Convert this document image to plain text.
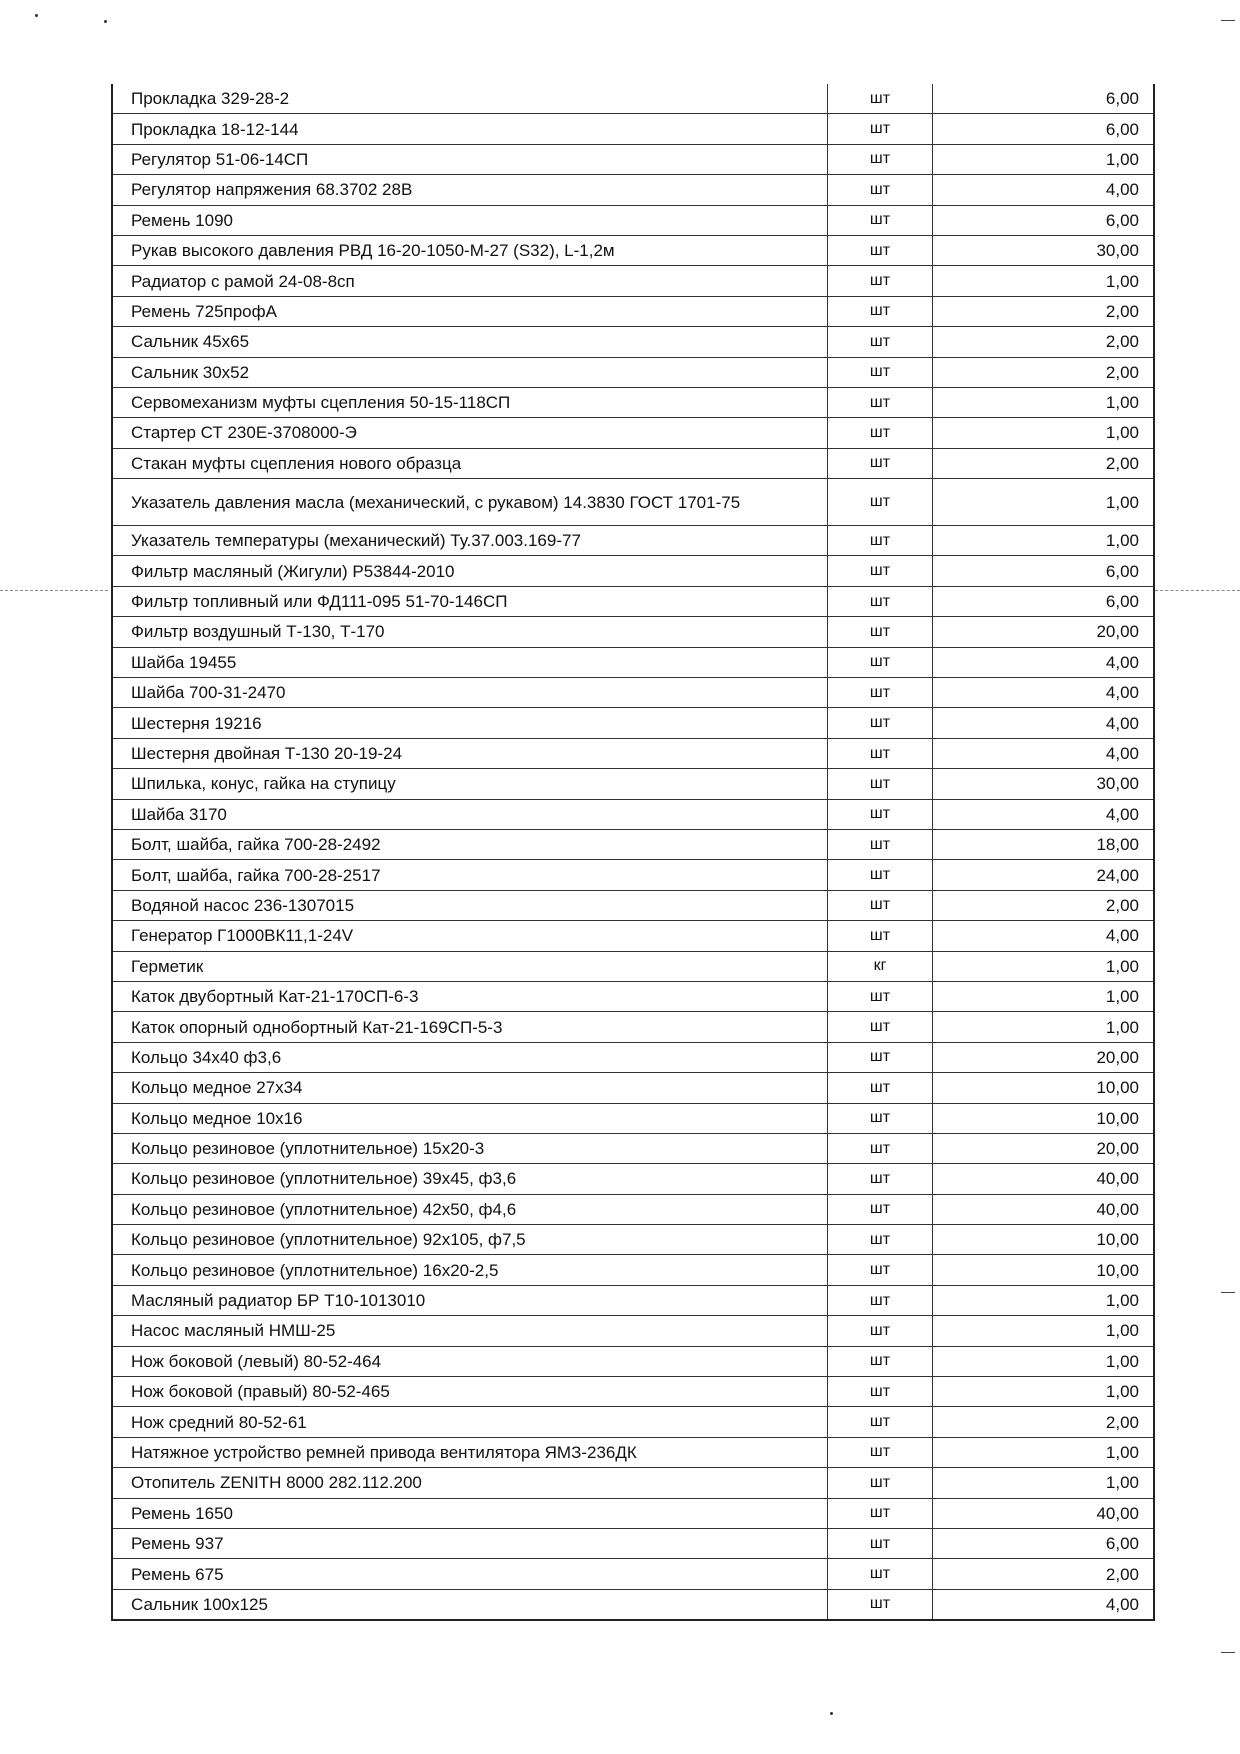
Прокладка 329-28-2	шт	6,00
Прокладка 18-12-144	шт	6,00
Регулятор 51-06-14СП	шт	1,00
Регулятор напряжения 68.3702 28В	шт	4,00
Ремень 1090	шт	6,00
Рукав высокого давления РВД 16-20-1050-М-27 (S32), L-1,2м	шт	30,00
Радиатор с рамой 24-08-8сп	шт	1,00
Ремень 725профА	шт	2,00
Сальник 45х65	шт	2,00
Сальник 30х52	шт	2,00
Сервомеханизм муфты сцепления 50-15-118СП	шт	1,00
Стартер СТ 230Е-3708000-Э	шт	1,00
Стакан муфты сцепления нового образца	шт	2,00
Указатель давления масла (механический, с рукавом) 14.3830 ГОСТ 1701-75	шт	1,00
Указатель температуры (механический) Ту.37.003.169-77	шт	1,00
Фильтр масляный (Жигули) Р53844-2010	шт	6,00
Фильтр топливный или ФД111-095 51-70-146СП	шт	6,00
Фильтр воздушный Т-130, Т-170	шт	20,00
Шайба 19455	шт	4,00
Шайба 700-31-2470	шт	4,00
Шестерня 19216	шт	4,00
Шестерня двойная Т-130 20-19-24	шт	4,00
Шпилька, конус, гайка на ступицу	шт	30,00
Шайба 3170	шт	4,00
Болт, шайба, гайка 700-28-2492	шт	18,00
Болт, шайба, гайка 700-28-2517	шт	24,00
Водяной насос 236-1307015	шт	2,00
Генератор Г1000ВК11,1-24V	шт	4,00
Герметик	кг	1,00
Каток двубортный Кат-21-170СП-6-3	шт	1,00
Каток опорный однобортный Кат-21-169СП-5-3	шт	1,00
Кольцо 34х40 ф3,6	шт	20,00
Кольцо медное 27х34	шт	10,00
Кольцо медное 10х16	шт	10,00
Кольцо резиновое (уплотнительное) 15х20-3	шт	20,00
Кольцо резиновое (уплотнительное) 39х45, ф3,6	шт	40,00
Кольцо резиновое (уплотнительное) 42х50, ф4,6	шт	40,00
Кольцо резиновое (уплотнительное) 92х105, ф7,5	шт	10,00
Кольцо резиновое (уплотнительное) 16х20-2,5	шт	10,00
Масляный радиатор БР Т10-1013010	шт	1,00
Насос масляный НМШ-25	шт	1,00
Нож боковой (левый) 80-52-464	шт	1,00
Нож боковой (правый) 80-52-465	шт	1,00
Нож средний 80-52-61	шт	2,00
Натяжное устройство ремней привода вентилятора ЯМЗ-236ДК	шт	1,00
Отопитель ZENITH 8000 282.112.200	шт	1,00
Ремень 1650	шт	40,00
Ремень 937	шт	6,00
Ремень 675	шт	2,00
Сальник 100х125	шт	4,00
